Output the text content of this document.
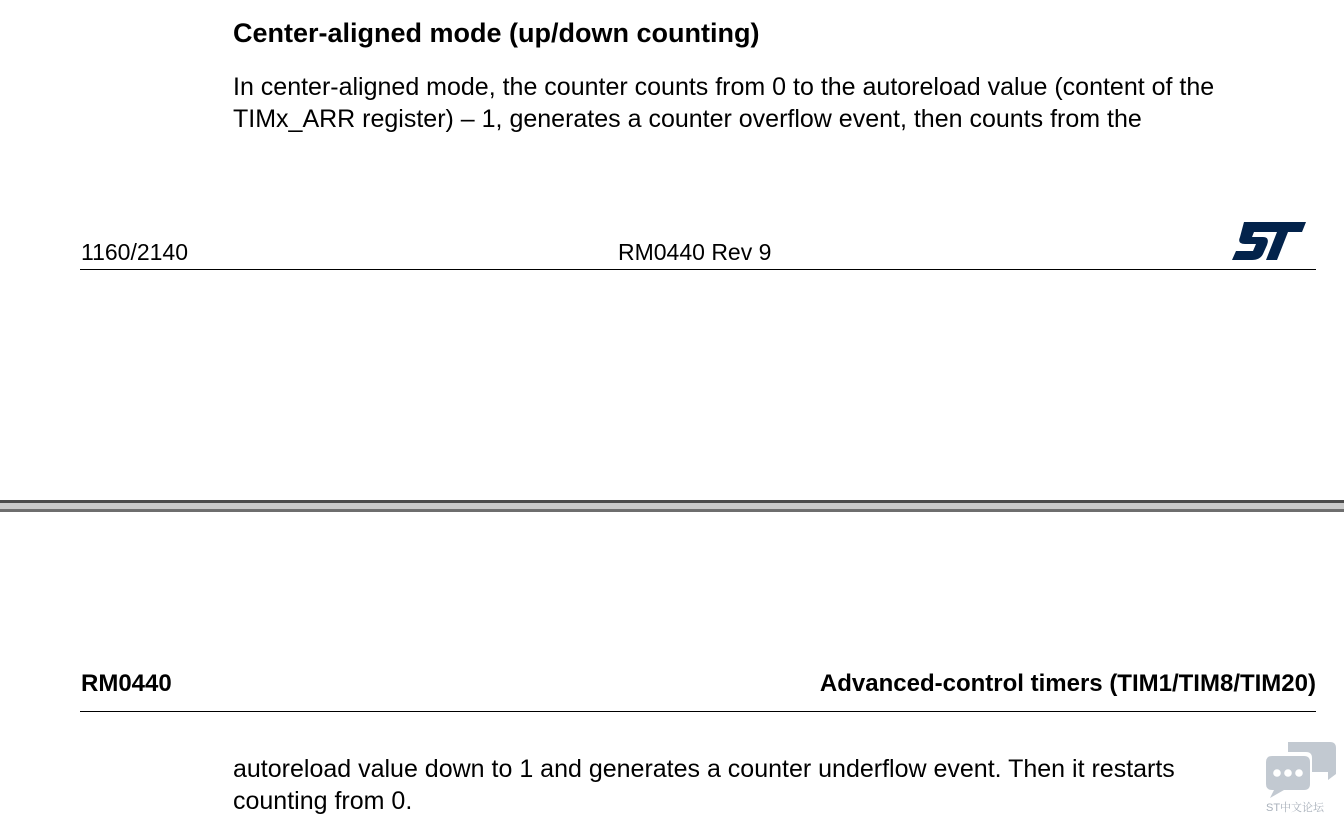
Center-aligned mode (up/down counting)

In center-aligned mode, the counter counts from 0 to the autoreload value (content of the
TIMx_ARR register) – 1, generates a counter overflow event, then counts from the

1160/2140	RM0440 Rev 9
RM0440	Advanced-control timers (TIM1/TIM8/TIM20)

autoreload value down to 1 and generates a counter underflow event. Then it restarts
counting from 0.	ST中文论坛
